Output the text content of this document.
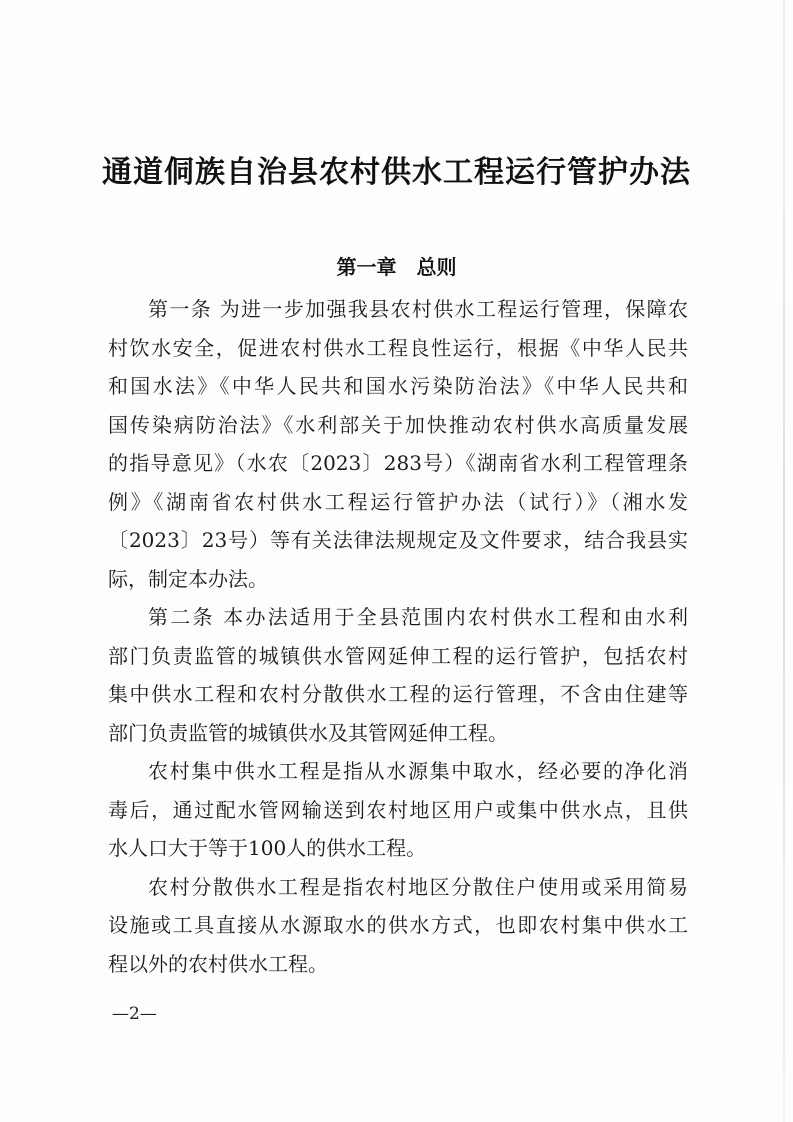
通道侗族自治县农村供水工程运行管护办法
第一章　总则
第一条 为进一步加强我县农村供水工程运行管理，保障农
村饮水安全，促进农村供水工程良性运行，根据《中华人民共
和国水法》《中华人民共和国水污染防治法》《中华人民共和
国传染病防治法》《水利部关于加快推动农村供水高质量发展
的指导意见》（水农〔2023〕283号）《湖南省水利工程管理条
例》《湖南省农村供水工程运行管护办法（试行）》（湘水发
〔2023〕23号）等有关法律法规规定及文件要求，结合我县实
际，制定本办法。
第二条 本办法适用于全县范围内农村供水工程和由水利
部门负责监管的城镇供水管网延伸工程的运行管护，包括农村
集中供水工程和农村分散供水工程的运行管理，不含由住建等
部门负责监管的城镇供水及其管网延伸工程。
农村集中供水工程是指从水源集中取水，经必要的净化消
毒后，通过配水管网输送到农村地区用户或集中供水点，且供
水人口大于等于100人的供水工程。
农村分散供水工程是指农村地区分散住户使用或采用简易
设施或工具直接从水源取水的供水方式，也即农村集中供水工
程以外的农村供水工程。
—2—
